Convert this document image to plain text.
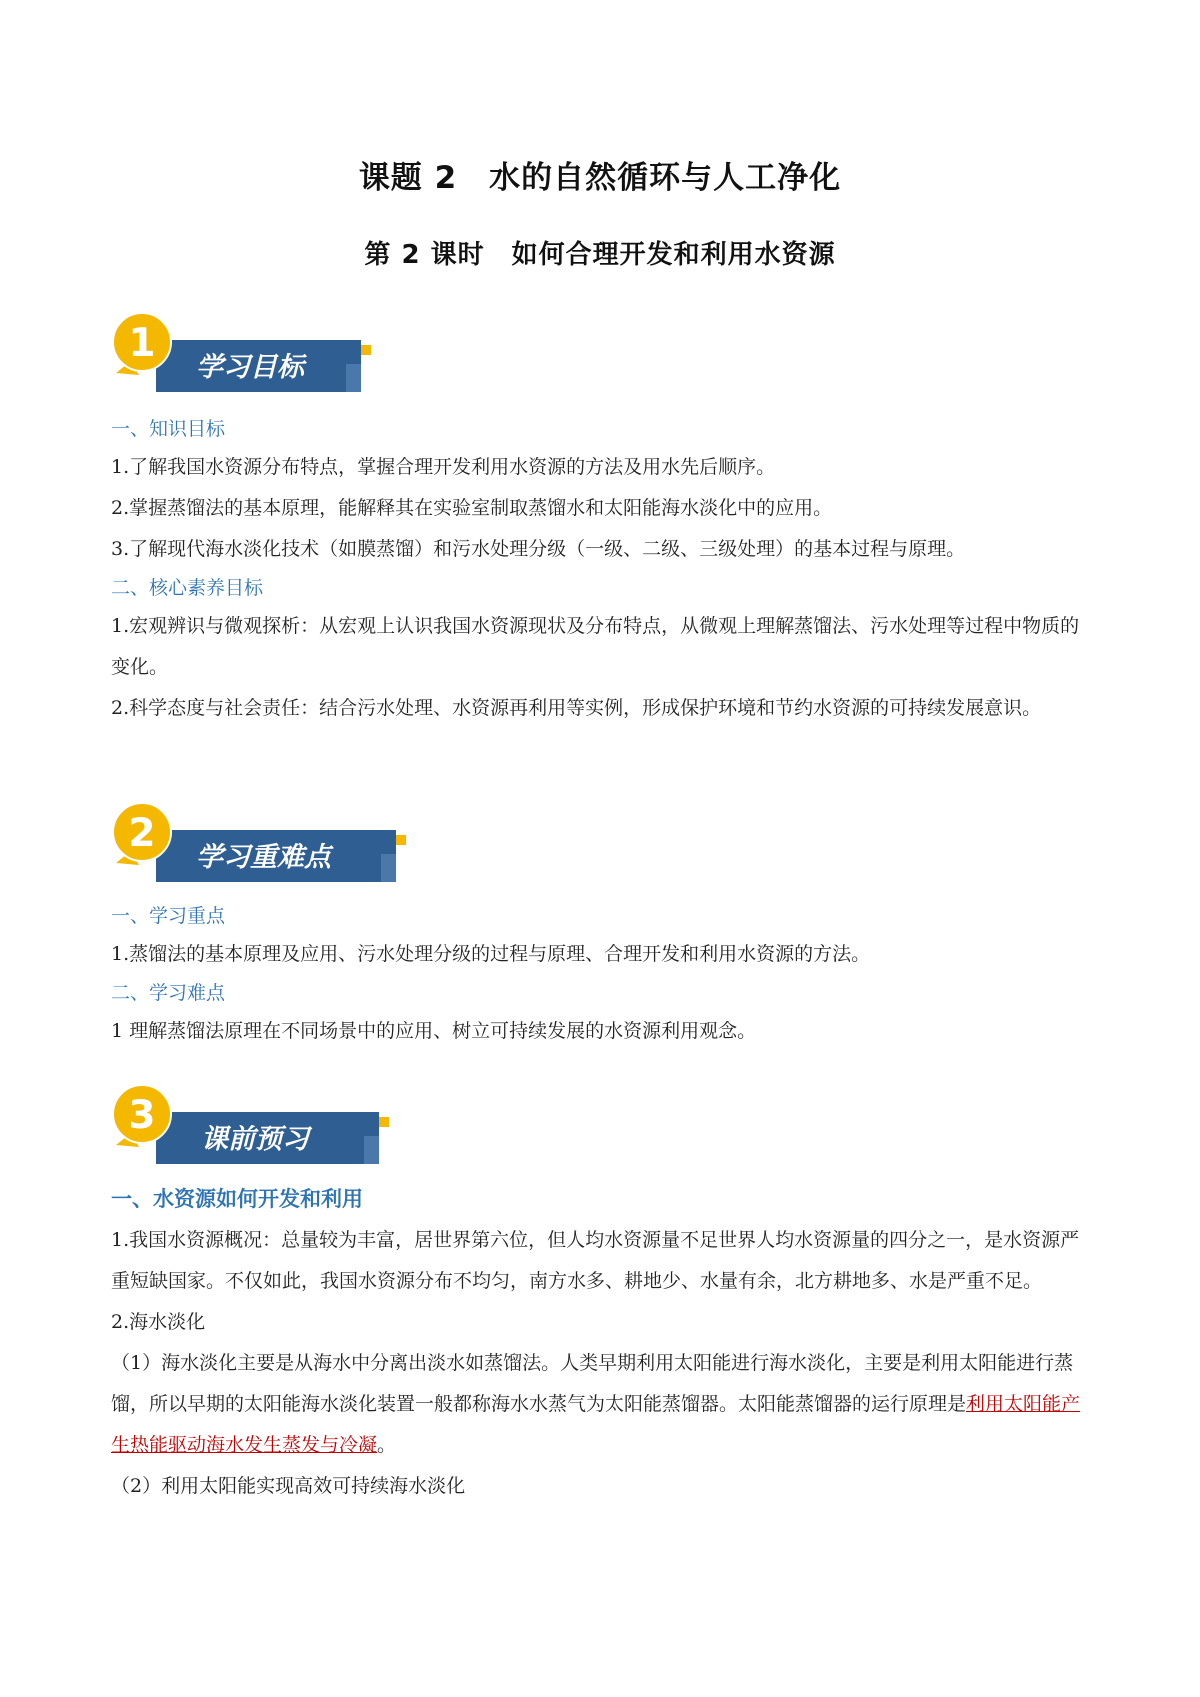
课题 2　水的自然循环与人工净化
第 2 课时　如何合理开发和利用水资源
1
学习目标
一、知识目标

1.了解我国水资源分布特点，掌握合理开发利用水资源的方法及用水先后顺序。

2.掌握蒸馏法的基本原理，能解释其在实验室制取蒸馏水和太阳能海水淡化中的应用。

3.了解现代海水淡化技术（如膜蒸馏）和污水处理分级（一级、二级、三级处理）的基本过程与原理。

二、核心素养目标

1.宏观辨识与微观探析：从宏观上认识我国水资源现状及分布特点，从微观上理解蒸馏法、污水处理等过程中物质的变化。

2.科学态度与社会责任：结合污水处理、水资源再利用等实例，形成保护环境和节约水资源的可持续发展意识。

2
学习重难点
一、学习重点

1.蒸馏法的基本原理及应用、污水处理分级的过程与原理、合理开发和利用水资源的方法。

二、学习难点

1 理解蒸馏法原理在不同场景中的应用、树立可持续发展的水资源利用观念。

3
课前预习
一、水资源如何开发和利用

1.我国水资源概况：总量较为丰富，居世界第六位，但人均水资源量不足世界人均水资源量的四分之一，是水资源严重短缺国家。不仅如此，我国水资源分布不均匀，南方水多、耕地少、水量有余，北方耕地多、水是严重不足。

2.海水淡化

（1）海水淡化主要是从海水中分离出淡水如蒸馏法。人类早期利用太阳能进行海水淡化，主要是利用太阳能进行蒸馏，所以早期的太阳能海水淡化装置一般都称海水水蒸气为太阳能蒸馏器。太阳能蒸馏器的运行原理是利用太阳能产生热能驱动海水发生蒸发与冷凝。

（2）利用太阳能实现高效可持续海水淡化
